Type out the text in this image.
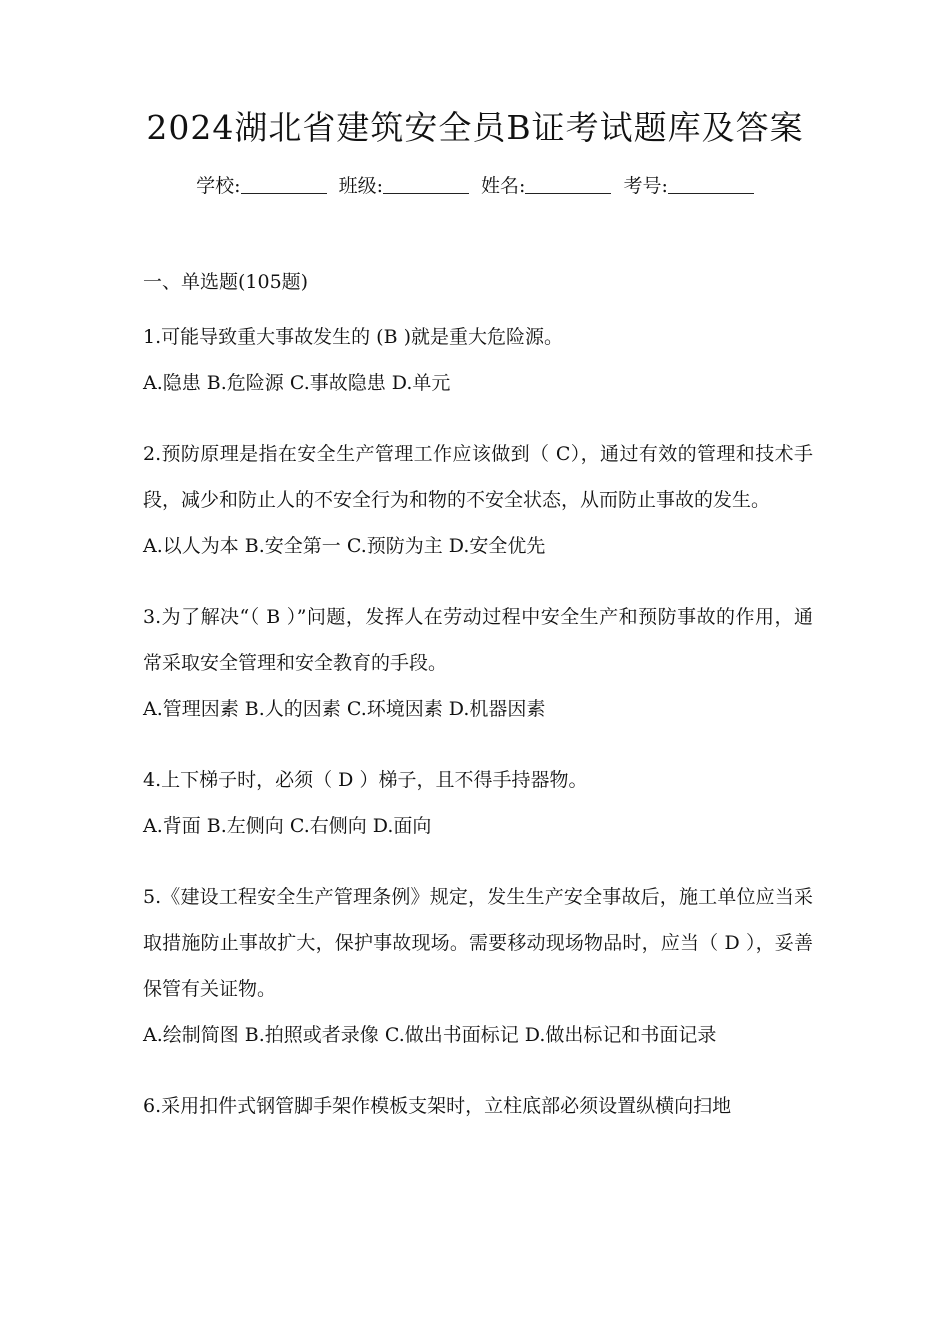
2024湖北省建筑安全员B证考试题库及答案
学校:	班级:	姓名:	考号:
一、单选题(105题)

1.可能导致重大事故发生的 (B )就是重大危险源。

A.隐患 B.危险源 C.事故隐患 D.单元

2.预防原理是指在安全生产管理工作应该做到（ C），通过有效的管理和技术手段，减少和防止人的不安全行为和物的不安全状态，从而防止事故的发生。

A.以人为本 B.安全第一 C.预防为主 D.安全优先

3.为了解决“（ B ）”问题，发挥人在劳动过程中安全生产和预防事故的作用，通常采取安全管理和安全教育的手段。

A.管理因素 B.人的因素 C.环境因素 D.机器因素

4.上下梯子时，必须（ D ）梯子，且不得手持器物。

A.背面 B.左侧向 C.右侧向 D.面向

5.《建设工程安全生产管理条例》规定，发生生产安全事故后，施工单位应当采取措施防止事故扩大，保护事故现场。需要移动现场物品时，应当（ D ），妥善保管有关证物。

A.绘制简图 B.拍照或者录像 C.做出书面标记 D.做出标记和书面记录

6.采用扣件式钢管脚手架作模板支架时，立柱底部必须设置纵横向扫地
